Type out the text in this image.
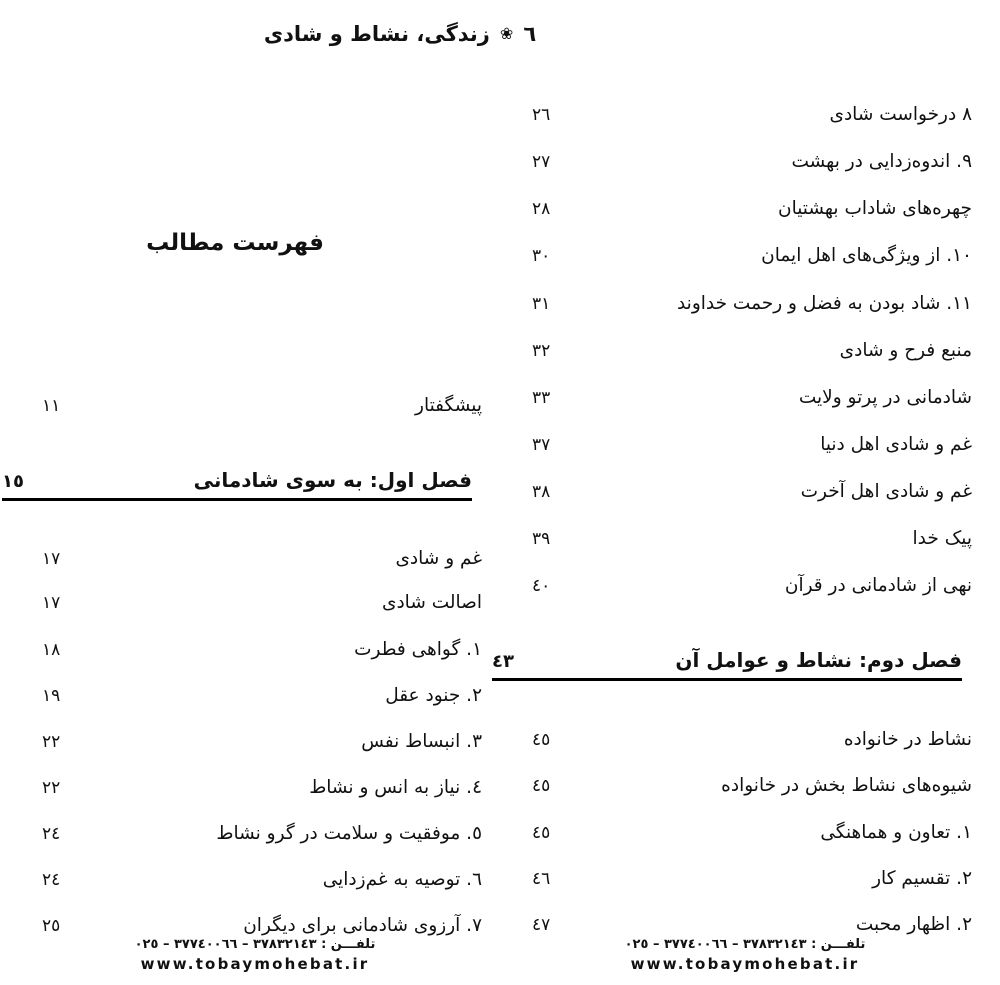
٦❀زندگی، نشاط و شادی
٨ درخواست شادی
٢٦
٩. اندوه‌زدایی در بهشت
٢٧
چهره‌های شاداب بهشتیان
٢٨
١٠. از ویژگی‌های اهل ایمان
٣٠
١١. شاد بودن به فضل و رحمت خداوند
٣١
منبع فرح و شادی
٣٢
شادمانی در پرتو ولایت
٣٣
غم و شادی اهل دنیا
٣٧
غم و شادی اهل آخرت
٣٨
پیک خدا
٣٩
نهی از شادمانی در قرآن
٤٠
فصل دوم: نشاط و عوامل آن
٤٣
نشاط در خانواده
٤٥
شیوه‌های نشاط بخش در خانواده
٤٥
١. تعاون و هماهنگی
٤٥
٢. تقسیم کار
٤٦
٢. اظهار محبت
٤٧
فهرست مطالب
پیشگفتار
١١
فصل اول: به سوی شادمانی
١٥
غم و شادی
١٧
اصالت شادی
١٧
١. گواهی فطرت
١٨
٢. جنود عقل
١٩
٣. انبساط نفس
٢٢
٤. نیاز به انس و نشاط
٢٢
٥. موفقیت و سلامت در گرو نشاط
٢٤
٦. توصیه به غم‌زدایی
٢٤
٧. آرزوی شادمانی برای دیگران
٢٥
تلفـــن : ٣٧٨٣٢١٤٣ – ٣٧٧٤٠٠٦٦ – ٠٢٥
www.tobaymohebat.ir
تلفـــن : ٣٧٨٣٢١٤٣ – ٣٧٧٤٠٠٦٦ – ٠٢٥
www.tobaymohebat.ir
